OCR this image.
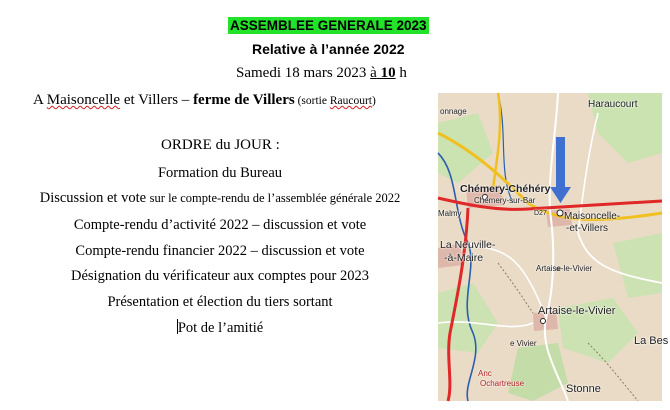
ASSEMBLEE GENERALE 2023
Relative à l’année 2022
Samedi 18 mars 2023 à 10 h
A Maisoncelle et Villers – ferme de Villers (sortie Raucourt)
ORDRE du JOUR :
Formation du Bureau
Discussion et vote sur le compte-rendu de l’assemblée générale 2022
Compte-rendu d’activité 2022 – discussion et vote
Compte-rendu financier 2022 – discussion et vote
Désignation du vérificateur aux comptes pour 2023
Présentation et élection du tiers sortant
Pot de l’amitié
onnage
Haraucourt
Chémery-Chéhéry
Chémery-sur-Bar
Malmy	D27 Maisoncelle-
-et-Villers
La Neuville-
-à-Maire
Artaise-le-Vivier
Artaise-le-Vivier
e Vivier	La Bes
Anc
Ochartreuse	Stonne
